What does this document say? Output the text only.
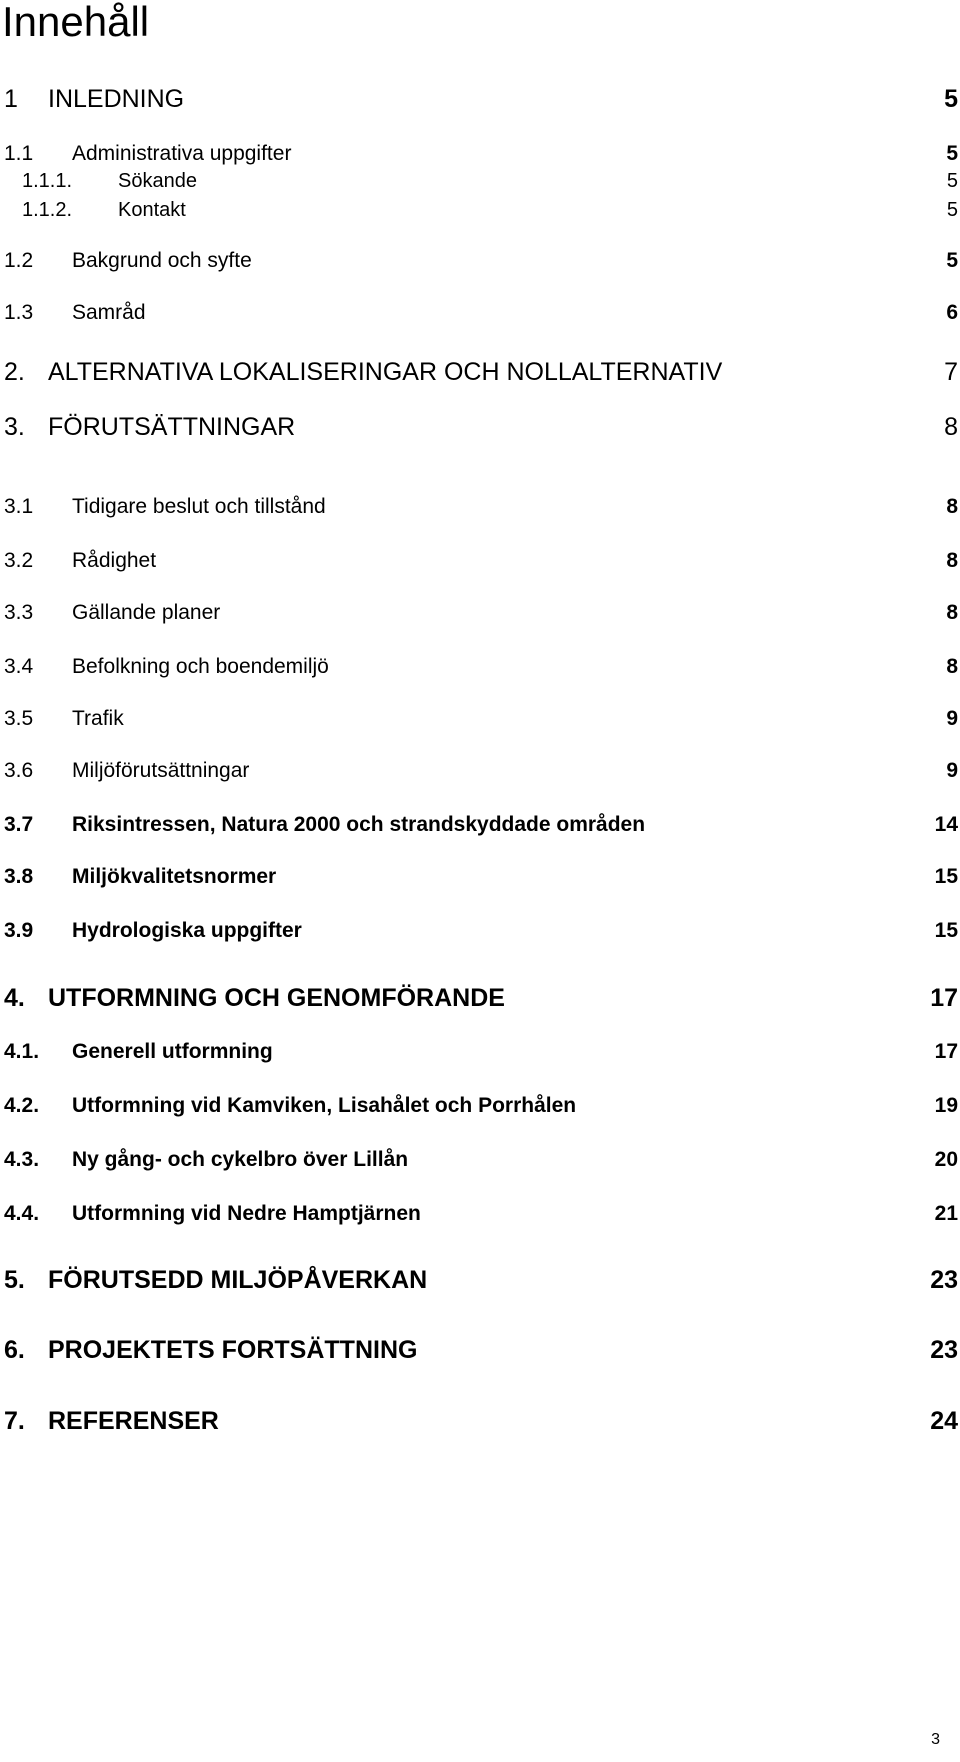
Innehåll
1 INLEDNING	5
1.1 Administrativa uppgifter	5
1.1.1. Sökande	5
1.1.2. Kontakt	5
1.2 Bakgrund och syfte	5
1.3 Samråd	6
2. ALTERNATIVA LOKALISERINGAR OCH NOLLALTERNATIV	7
3. FÖRUTSÄTTNINGAR	8
3.1 Tidigare beslut och tillstånd	8
3.2 Rådighet	8
3.3 Gällande planer	8
3.4 Befolkning och boendemiljö	8
3.5 Trafik	9
3.6 Miljöförutsättningar	9
3.7 Riksintressen, Natura 2000 och strandskyddade områden	14
3.8 Miljökvalitetsnormer	15
3.9 Hydrologiska uppgifter	15
4. UTFORMNING OCH GENOMFÖRANDE	17
4.1. Generell utformning	17
4.2. Utformning vid Kamviken, Lisahålet och Porrhålen	19
4.3. Ny gång- och cykelbro över Lillån	20
4.4. Utformning vid Nedre Hamptjärnen	21
5. FÖRUTSEDD MILJÖPÅVERKAN	23
6. PROJEKTETS FORTSÄTTNING	23
7. REFERENSER	24
3
